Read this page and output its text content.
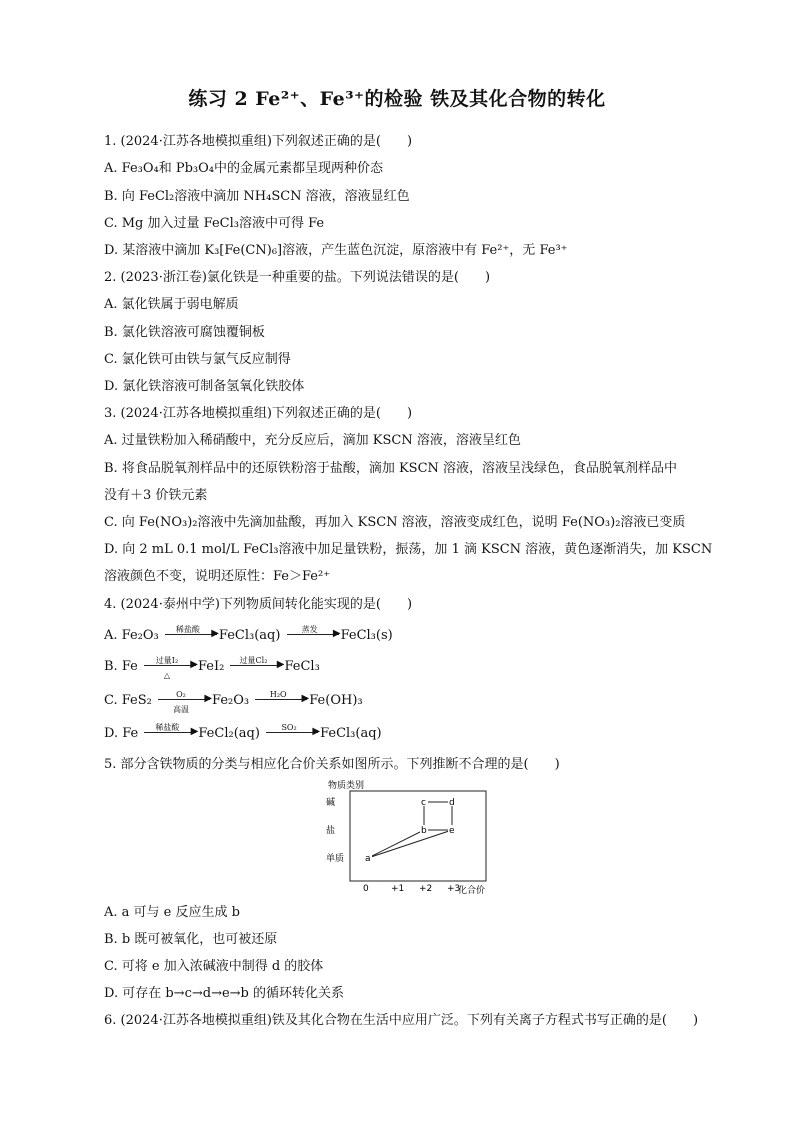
练习 2 Fe²⁺、Fe³⁺的检验 铁及其化合物的转化
1. (2024·江苏各地模拟重组)下列叙述正确的是(　　)
A. Fe₃O₄和 Pb₃O₄中的金属元素都呈现两种价态
B. 向 FeCl₂溶液中滴加 NH₄SCN 溶液，溶液显红色
C. Mg 加入过量 FeCl₃溶液中可得 Fe
D. 某溶液中滴加 K₃[Fe(CN)₆]溶液，产生蓝色沉淀，原溶液中有 Fe²⁺，无 Fe³⁺
2. (2023·浙江卷)氯化铁是一种重要的盐。下列说法错误的是(　　)
A. 氯化铁属于弱电解质
B. 氯化铁溶液可腐蚀覆铜板
C. 氯化铁可由铁与氯气反应制得
D. 氯化铁溶液可制备氢氧化铁胶体
3. (2024·江苏各地模拟重组)下列叙述正确的是(　　)
A. 过量铁粉加入稀硝酸中，充分反应后，滴加 KSCN 溶液，溶液呈红色
B. 将食品脱氧剂样品中的还原铁粉溶于盐酸，滴加 KSCN 溶液，溶液呈浅绿色，食品脱氧剂样品中
没有＋3 价铁元素
C. 向 Fe(NO₃)₂溶液中先滴加盐酸，再加入 KSCN 溶液，溶液变成红色，说明 Fe(NO₃)₂溶液已变质
D. 向 2 mL 0.1 mol/L FeCl₃溶液中加足量铁粉，振荡，加 1 滴 KSCN 溶液，黄色逐渐消失，加 KSCN
溶液颜色不变，说明还原性：Fe＞Fe²⁺
4. (2024·泰州中学)下列物质间转化能实现的是(　　)
A. Fe₂O₃	稀盐酸	▶ FeCl₃(aq)	蒸发	▶ FeCl₃(s)
B. Fe	过量I₂	▶
△
FeI₂	过量Cl₂ ▶ FeCl₃
C. FeS₂	O₂	▶
高温
Fe₂O₃	H₂O	▶ Fe(OH)₃
D. Fe	稀盐酸	▶ FeCl₂(aq)	SO₂	▶ FeCl₃(aq)
5. 部分含铁物质的分类与相应化合价关系如图所示。下列推断不合理的是(　　)
物质类别
化合价
单质
盐
碱
0 +1 +2 +3
a
b
c	d
e
A. a 可与 e 反应生成 b
B. b 既可被氧化，也可被还原
C. 可将 e 加入浓碱液中制得 d 的胶体
D. 可存在 b→c→d→e→b 的循环转化关系
6. (2024·江苏各地模拟重组)铁及其化合物在生活中应用广泛。下列有关离子方程式书写正确的是(　　)
